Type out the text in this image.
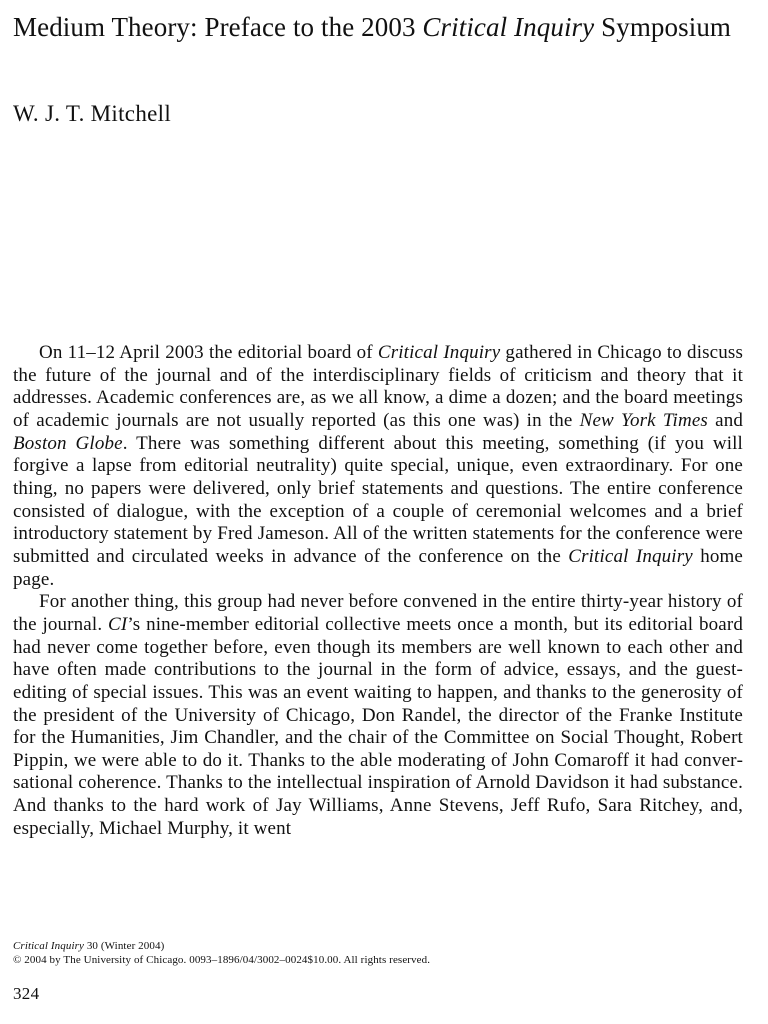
Medium Theory: Preface to the 2003 Critical Inquiry Symposium
W. J. T. Mitchell

On 11–12 April 2003 the editorial board of Critical Inquiry gathered in Chicago to discuss the future of the journal and of the interdisciplinary fields of criticism and theory that it addresses. Academic conferences are, as we all know, a dime a dozen; and the board meetings of academic journals are not usually reported (as this one was) in the New York Times and Boston Globe. There was something different about this meeting, something (if you will forgive a lapse from editorial neutrality) quite special, unique, even extraordinary. For one thing, no papers were delivered, only brief statements and questions. The entire conference consisted of dialogue, with the exception of a couple of ceremonial welcomes and a brief introductory statement by Fred Jameson. All of the written statements for the conference were submitted and circulated weeks in advance of the conference on the Critical Inquiry home page.

For another thing, this group had never before convened in the entire thirty-year history of the journal. CI’s nine-member editorial collective meets once a month, but its editorial board had never come together before, even though its members are well known to each other and have often made contributions to the journal in the form of advice, essays, and the guest-editing of special issues. This was an event waiting to happen, and thanks to the generosity of the president of the University of Chicago, Don Randel, the director of the Franke Institute for the Humanities, Jim Chandler, and the chair of the Committee on Social Thought, Robert Pippin, we were able to do it. Thanks to the able moderating of John Comaroff it had conversational coherence. Thanks to the intellectual inspiration of Arnold Davidson it had substance. And thanks to the hard work of Jay Williams, Anne Stevens, Jeff Rufo, Sara Ritchey, and, especially, Michael Murphy, it went

Critical Inquiry 30 (Winter 2004)
© 2004 by The University of Chicago. 0093–1896/04/3002–0024$10.00. All rights reserved.
324
